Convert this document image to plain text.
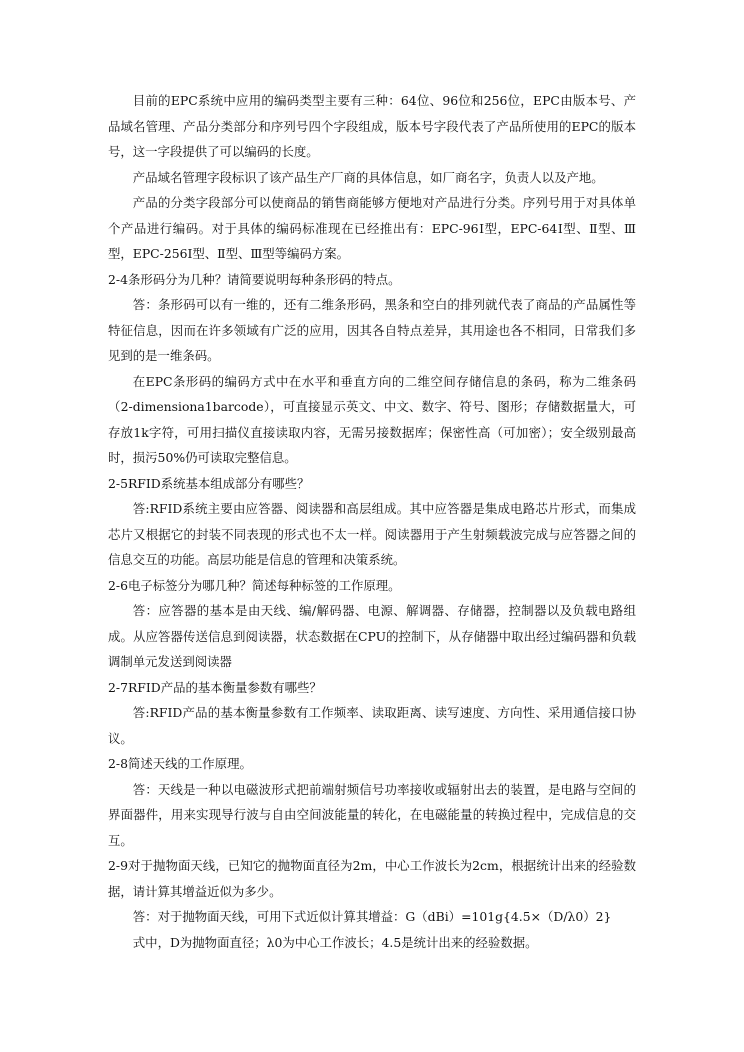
目前的EPC系统中应用的编码类型主要有三种：64位、96位和256位，EPC由版本号、产品域名管理、产品分类部分和序列号四个字段组成，版本号字段代表了产品所使用的EPC的版本号，这一字段提供了可以编码的长度。

产品域名管理字段标识了该产品生产厂商的具体信息，如厂商名字，负责人以及产地。

产品的分类字段部分可以使商品的销售商能够方便地对产品进行分类。序列号用于对具体单个产品进行编码。对于具体的编码标准现在已经推出有：EPC-96Ⅰ型，EPC-64Ⅰ型、Ⅱ型、Ⅲ型，EPC-256Ⅰ型、Ⅱ型、Ⅲ型等编码方案。

2-4条形码分为几种？请简要说明每种条形码的特点。

答：条形码可以有一维的，还有二维条形码，黑条和空白的排列就代表了商品的产品属性等特征信息，因而在许多领域有广泛的应用，因其各自特点差异，其用途也各不相同，日常我们多见到的是一维条码。

在EPC条形码的编码方式中在水平和垂直方向的二维空间存储信息的条码，称为二维条码（2-dimensiona1barcode），可直接显示英文、中文、数字、符号、图形；存储数据量大，可存放1k字符，可用扫描仪直接读取内容，无需另接数据库；保密性高（可加密）；安全级别最高时，损污50%仍可读取完整信息。

2-5RFID系统基本组成部分有哪些？

答:RFID系统主要由应答器、阅读器和高层组成。其中应答器是集成电路芯片形式，而集成芯片又根据它的封装不同表现的形式也不太一样。阅读器用于产生射频载波完成与应答器之间的信息交互的功能。高层功能是信息的管理和决策系统。

2-6电子标签分为哪几种？简述每种标签的工作原理。

答：应答器的基本是由天线、编/解码器、电源、解调器、存储器，控制器以及负载电路组成。从应答器传送信息到阅读器，状态数据在CPU的控制下，从存储器中取出经过编码器和负载调制单元发送到阅读器

2-7RFID产品的基本衡量参数有哪些？

答:RFID产品的基本衡量参数有工作频率、读取距离、读写速度、方向性、采用通信接口协议。

2-8简述天线的工作原理。

答：天线是一种以电磁波形式把前端射频信号功率接收或辐射出去的装置，是电路与空间的界面器件，用来实现导行波与自由空间波能量的转化，在电磁能量的转换过程中，完成信息的交互。

2-9对于抛物面天线，已知它的抛物面直径为2m，中心工作波长为2cm，根据统计出来的经验数据，请计算其增益近似为多少。

答：对于抛物面天线，可用下式近似计算其增益：G（dBi）=101g{4.5×（D/λ0）2}

式中，D为抛物面直径；λ0为中心工作波长；4.5是统计出来的经验数据。
